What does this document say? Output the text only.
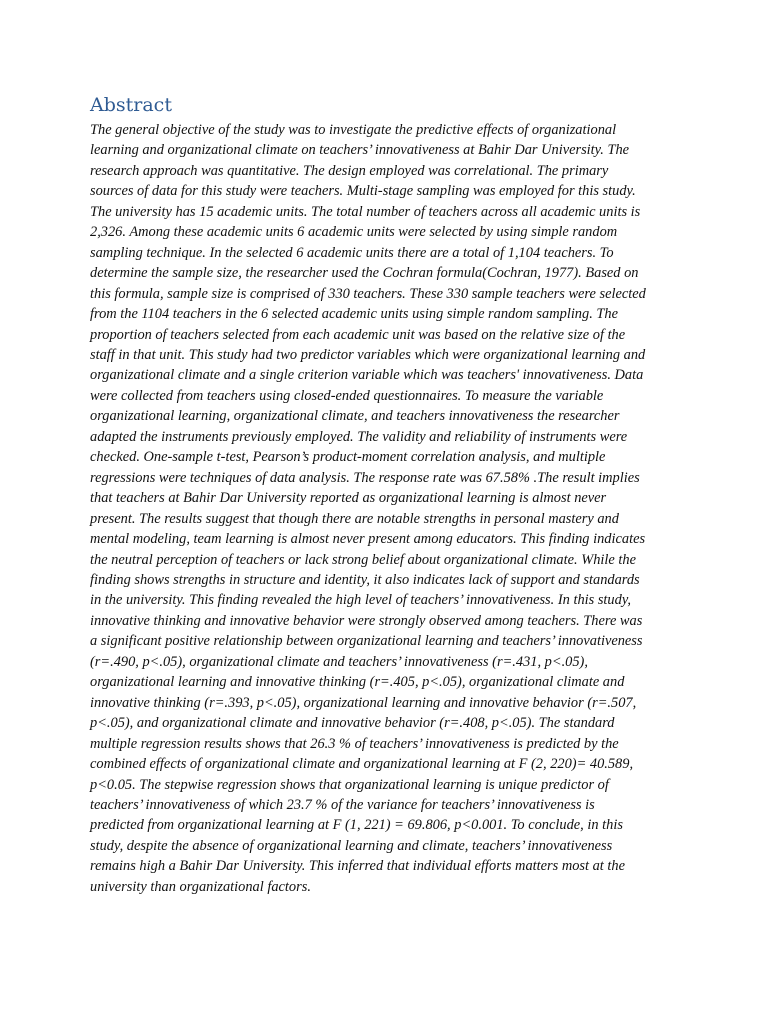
Abstract
The general objective of the study was to investigate the predictive effects of organizational
learning and organizational climate on teachers’ innovativeness at Bahir Dar University. The
research approach was quantitative. The design employed was correlational. The primary
sources of data for this study were teachers. Multi-stage sampling was employed for this study.
The university has 15 academic units. The total number of teachers across all academic units is
2,326. Among these academic units 6 academic units were selected by using simple random
sampling technique. In the selected 6 academic units there are a total of 1,104 teachers. To
determine the sample size, the researcher used the Cochran formula(Cochran, 1977). Based on
this formula, sample size is comprised of 330 teachers. These 330 sample teachers were selected
from the 1104 teachers in the 6 selected academic units using simple random sampling. The
proportion of teachers selected from each academic unit was based on the relative size of the
staff in that unit. This study had two predictor variables which were organizational learning and
organizational climate and a single criterion variable which was teachers' innovativeness. Data
were collected from teachers using closed-ended questionnaires. To measure the variable
organizational learning, organizational climate, and teachers innovativeness the researcher
adapted the instruments previously employed. The validity and reliability of instruments were
checked. One-sample t-test, Pearson’s product-moment correlation analysis, and multiple
regressions were techniques of data analysis. The response rate was 67.58% .The result implies
that teachers at Bahir Dar University reported as organizational learning is almost never
present. The results suggest that though there are notable strengths in personal mastery and
mental modeling, team learning is almost never present among educators. This finding indicates
the neutral perception of teachers or lack strong belief about organizational climate. While the
finding shows strengths in structure and identity, it also indicates lack of support and standards
in the university. This finding revealed the high level of teachers’ innovativeness. In this study,
innovative thinking and innovative behavior were strongly observed among teachers. There was
a significant positive relationship between organizational learning and teachers’ innovativeness
(r=.490, p<.05), organizational climate and teachers’ innovativeness (r=.431, p<.05),
organizational learning and innovative thinking (r=.405, p<.05), organizational climate and
innovative thinking (r=.393, p<.05), organizational learning and innovative behavior (r=.507,
p<.05), and organizational climate and innovative behavior (r=.408, p<.05). The standard
multiple regression results shows that 26.3 % of teachers’ innovativeness is predicted by the
combined effects of organizational climate and organizational learning at F (2, 220)= 40.589,
p<0.05. The stepwise regression shows that organizational learning is unique predictor of
teachers’ innovativeness of which 23.7 % of the variance for teachers’ innovativeness is
predicted from organizational learning at F (1, 221) = 69.806, p<0.001. To conclude, in this
study, despite the absence of organizational learning and climate, teachers’ innovativeness
remains high a Bahir Dar University. This inferred that individual efforts matters most at the
university than organizational factors.
